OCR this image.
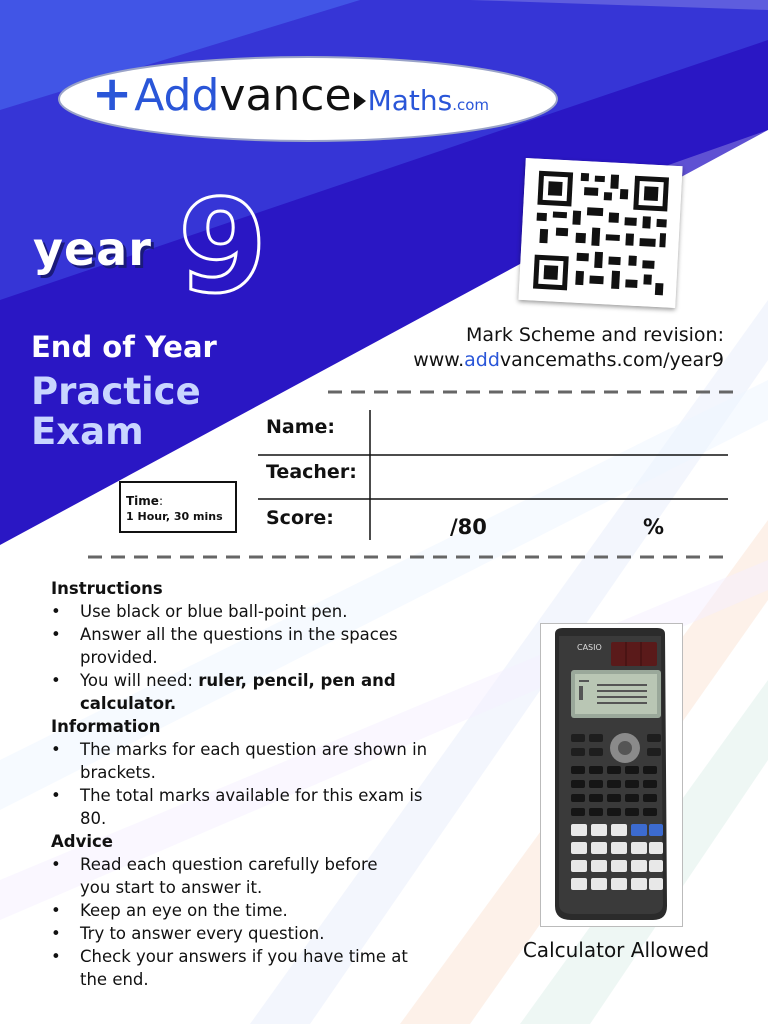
+ Add vance Maths .com
year 9
End of Year
Practice
Exam
Time:
1 Hour, 30 mins
Mark Scheme and revision:
www.addvancemaths.com/year9
Name:
Teacher:
Score:	/80	%
Instructions
• Use black or blue ball-point pen.
• Answer all the questions in the spaces provided.
• You will need: ruler, pencil, pen and calculator.
Information
• The marks for each question are shown in brackets.
• The total marks available for this exam is 80.
Advice
• Read each question carefully before you start to answer it.
• Keep an eye on the time.
• Try to answer every question.
• Check your answers if you have time at the end.
CASIO
Calculator Allowed
